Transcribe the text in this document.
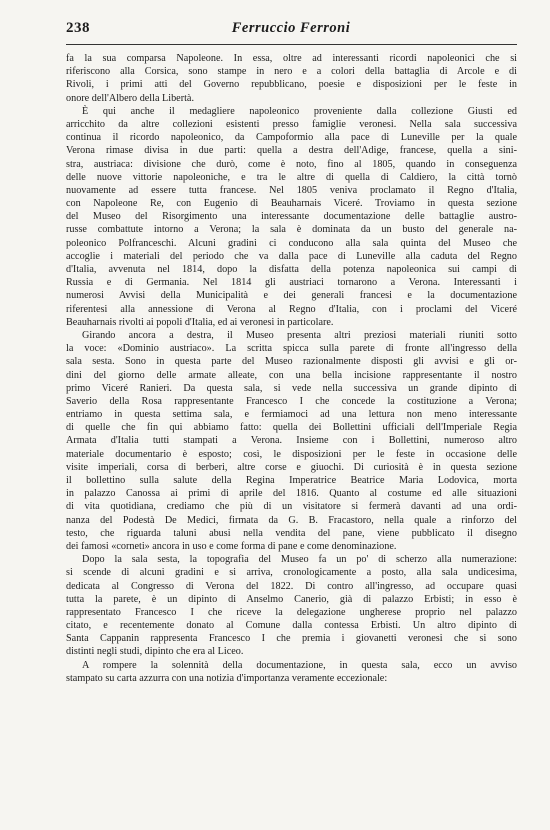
238	Ferruccio Ferroni
fa la sua comparsa Napoleone. In essa, oltre ad interessanti ricordi napoleonici che si
riferiscono alla Corsica, sono stampe in nero e a colori della battaglia di Arcole e di
Rivoli, i primi atti del Governo repubblicano, poesie e disposizioni per le feste in
onore dell'Albero della Libertà.
È qui anche il medagliere napoleonico proveniente dalla collezione Giusti ed
arricchito da altre collezioni esistenti presso famiglie veronesi. Nella sala successiva
continua il ricordo napoleonico, da Campoformio alla pace di Luneville per la quale
Verona rimase divisa in due parti: quella a destra dell'Adige, francese, quella a sini-
stra, austriaca: divisione che durò, come è noto, fino al 1805, quando in conseguenza
delle nuove vittorie napoleoniche, e tra le altre di quella di Caldiero, la città tornò
nuovamente ad essere tutta francese. Nel 1805 veniva proclamato il Regno d'Italia,
con Napoleone Re, con Eugenio di Beauharnais Viceré. Troviamo in questa sezione
del Museo del Risorgimento una interessante documentazione delle battaglie austro-
russe combattute intorno a Verona; la sala è dominata da un busto del generale na-
poleonico Polfranceschi. Alcuni gradini ci conducono alla sala quinta del Museo che
accoglie i materiali del periodo che va dalla pace di Luneville alla caduta del Regno
d'Italia, avvenuta nel 1814, dopo la disfatta della potenza napoleonica sui campi di
Russia e di Germania. Nel 1814 gli austriaci tornarono a Verona. Interessanti i
numerosi Avvisi della Municipalità e dei generali francesi e la documentazione
riferentesi alla annessione di Verona al Regno d'Italia, con i proclami del Viceré
Beauharnais rivolti ai popoli d'Italia, ed ai veronesi in particolare.
Girando ancora a destra, il Museo presenta altri preziosi materiali riuniti sotto
la voce: «Dominio austriaco». La scritta spicca sulla parete di fronte all'ingresso della
sala sesta. Sono in questa parte del Museo razionalmente disposti gli avvisi e gli or-
dini del giorno delle armate alleate, con una bella incisione rappresentante il nostro
primo Viceré Ranieri. Da questa sala, si vede nella successiva un grande dipinto di
Saverio della Rosa rappresentante Francesco I che concede la costituzione a Verona;
entriamo in questa settima sala, e fermiamoci ad una lettura non meno interessante
di quelle che fin qui abbiamo fatto: quella dei Bollettini ufficiali dell'Imperiale Regia
Armata d'Italia tutti stampati a Verona. Insieme con i Bollettini, numeroso altro
materiale documentario è esposto; così, le disposizioni per le feste in occasione delle
visite imperiali, corsa di berberi, altre corse e giuochi. Di curiosità è in questa sezione
il bollettino sulla salute della Regina Imperatrice Beatrice Maria Lodovica, morta
in palazzo Canossa ai primi di aprile del 1816. Quanto al costume ed alle situazioni
di vita quotidiana, crediamo che più di un visitatore si fermerà davanti ad una ordi-
nanza del Podestà De Medici, firmata da G. B. Fracastoro, nella quale a rinforzo del
testo, che riguarda taluni abusi nella vendita del pane, viene pubblicato il disegno
dei famosi «corneti» ancora in uso e come forma di pane e come denominazione.
Dopo la sala sesta, la topografia del Museo fa un po' di scherzo alla numerazione:
si scende di alcuni gradini e si arriva, cronologicamente a posto, alla sala undicesima,
dedicata al Congresso di Verona del 1822. Di contro all'ingresso, ad occupare quasi
tutta la parete, è un dipinto di Anselmo Canerio, già di palazzo Erbisti; in esso è
rappresentato Francesco I che riceve la delegazione ungherese proprio nel palazzo
citato, e recentemente donato al Comune dalla contessa Erbisti. Un altro dipinto di
Santa Cappanin rappresenta Francesco I che premia i giovanetti veronesi che si sono
distinti negli studi, dipinto che era al Liceo.
A rompere la solennità della documentazione, in questa sala, ecco un avviso
stampato su carta azzurra con una notizia d'importanza veramente eccezionale:
